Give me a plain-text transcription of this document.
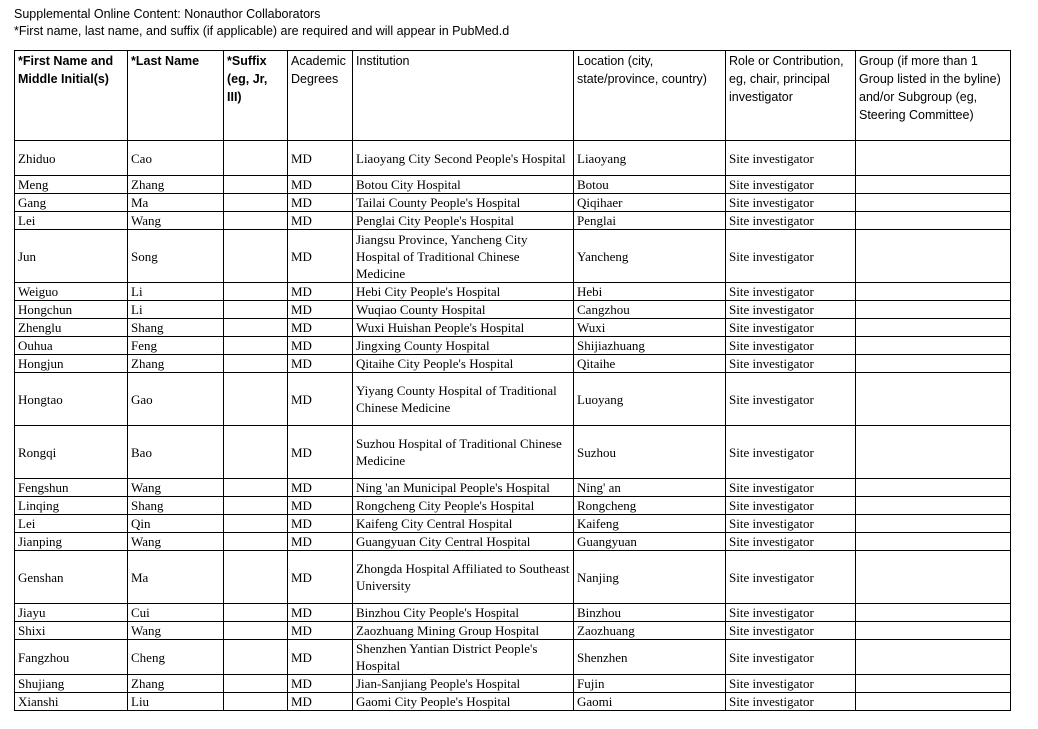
Supplemental Online Content: Nonauthor Collaborators
*First name, last name, and suffix (if applicable) are required and will appear in PubMed.d
*First Name and Middle Initial(s)	*Last Name	*Suffix (eg, Jr, III)	Academic Degrees	Institution	Location (city, state/province, country)	Role or Contribution, eg, chair, principal investigator	Group (if more than 1 Group listed in the byline) and/or Subgroup (eg, Steering Committee)
Zhiduo	Cao		MD	Liaoyang City Second People's Hospital	Liaoyang	Site investigator	
Meng	Zhang		MD	Botou City Hospital	Botou	Site investigator	
Gang	Ma		MD	Tailai County People's Hospital	Qiqihaer	Site investigator	
Lei	Wang		MD	Penglai City People's Hospital	Penglai	Site investigator	
Jun	Song		MD	Jiangsu Province, Yancheng City Hospital of Traditional Chinese Medicine	Yancheng	Site investigator	
Weiguo	Li		MD	Hebi City People's Hospital	Hebi	Site investigator	
Hongchun	Li		MD	Wuqiao County Hospital	Cangzhou	Site investigator	
Zhenglu	Shang		MD	Wuxi Huishan People's Hospital	Wuxi	Site investigator	
Ouhua	Feng		MD	Jingxing County Hospital	Shijiazhuang	Site investigator	
Hongjun	Zhang		MD	Qitaihe City People's Hospital	Qitaihe	Site investigator	
Hongtao	Gao		MD	Yiyang County Hospital of Traditional Chinese Medicine	Luoyang	Site investigator	
Rongqi	Bao		MD	Suzhou Hospital of Traditional Chinese Medicine	Suzhou	Site investigator	
Fengshun	Wang		MD	Ning 'an Municipal People's Hospital	Ning' an	Site investigator	
Linqing	Shang		MD	Rongcheng City People's Hospital	Rongcheng	Site investigator	
Lei	Qin		MD	Kaifeng City Central Hospital	Kaifeng	Site investigator	
Jianping	Wang		MD	Guangyuan City Central Hospital	Guangyuan	Site investigator	
Genshan	Ma		MD	Zhongda Hospital Affiliated to Southeast University	Nanjing	Site investigator	
Jiayu	Cui		MD	Binzhou City People's Hospital	Binzhou	Site investigator	
Shixi	Wang		MD	Zaozhuang Mining Group Hospital	Zaozhuang	Site investigator	
Fangzhou	Cheng		MD	Shenzhen Yantian District People's Hospital	Shenzhen	Site investigator	
Shujiang	Zhang		MD	Jian-Sanjiang People's Hospital	Fujin	Site investigator	
Xianshi	Liu		MD	Gaomi City People's Hospital	Gaomi	Site investigator	
